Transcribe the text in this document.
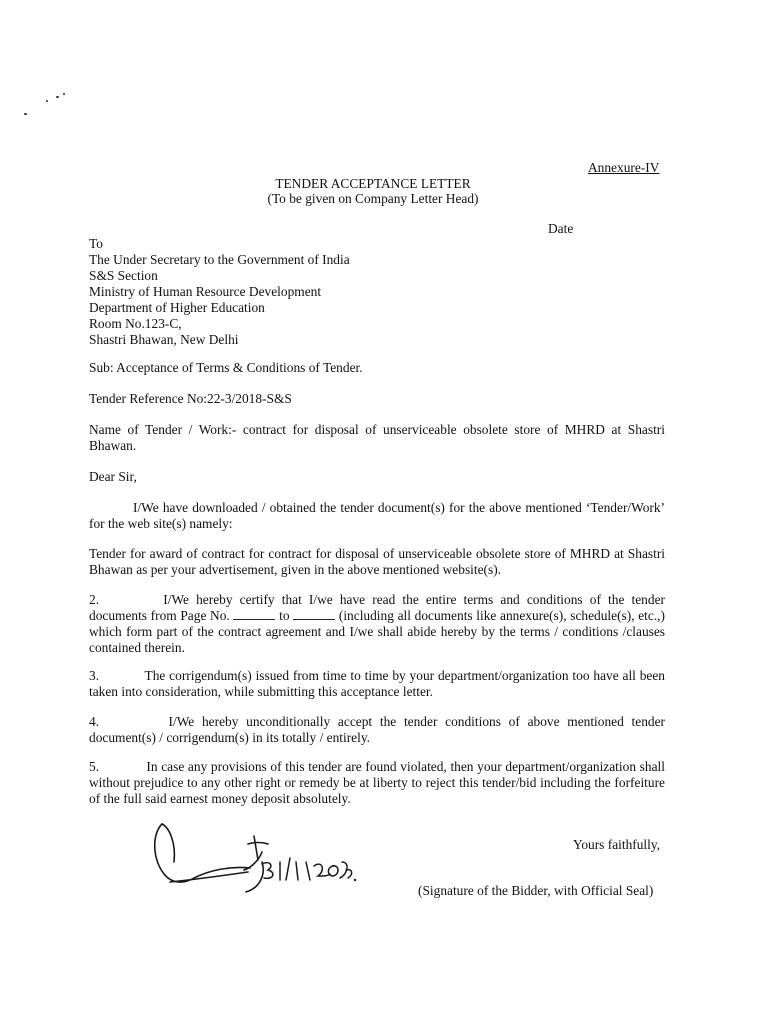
Annexure-IV
TENDER ACCEPTANCE LETTER
(To be given on Company Letter Head)
Date
To
The Under Secretary to the Government of India
S&S Section
Ministry of Human Resource Development
Department of Higher Education
Room No.123-C,
Shastri Bhawan, New Delhi
Sub: Acceptance of Terms & Conditions of Tender.
Tender Reference No:22-3/2018-S&S
Name of Tender / Work:- contract for disposal of unserviceable obsolete store of MHRD at Shastri Bhawan.
Dear Sir,
I/We have downloaded / obtained the tender document(s) for the above mentioned ‘Tender/Work’ for the web site(s) namely:
Tender for award of contract for contract for disposal of unserviceable obsolete store of MHRD at Shastri Bhawan as per your advertisement, given in the above mentioned website(s).
2.	I/We hereby certify that I/we have read the entire terms and conditions of the tender documents from Page No.	to	(including all documents like annexure(s), schedule(s), etc.,) which form part of the contract agreement and I/we shall abide hereby by the terms / conditions /clauses contained therein.
3.	The corrigendum(s) issued from time to time by your department/organization too have all been taken into consideration, while submitting this acceptance letter.
4.	I/We hereby unconditionally accept the tender conditions of above mentioned tender document(s) / corrigendum(s) in its totally / entirely.
5.	In case any provisions of this tender are found violated, then your department/organization shall without prejudice to any other right or remedy be at liberty to reject this tender/bid including the forfeiture of the full said earnest money deposit absolutely.
Yours faithfully,
(Signature of the Bidder, with Official Seal)
